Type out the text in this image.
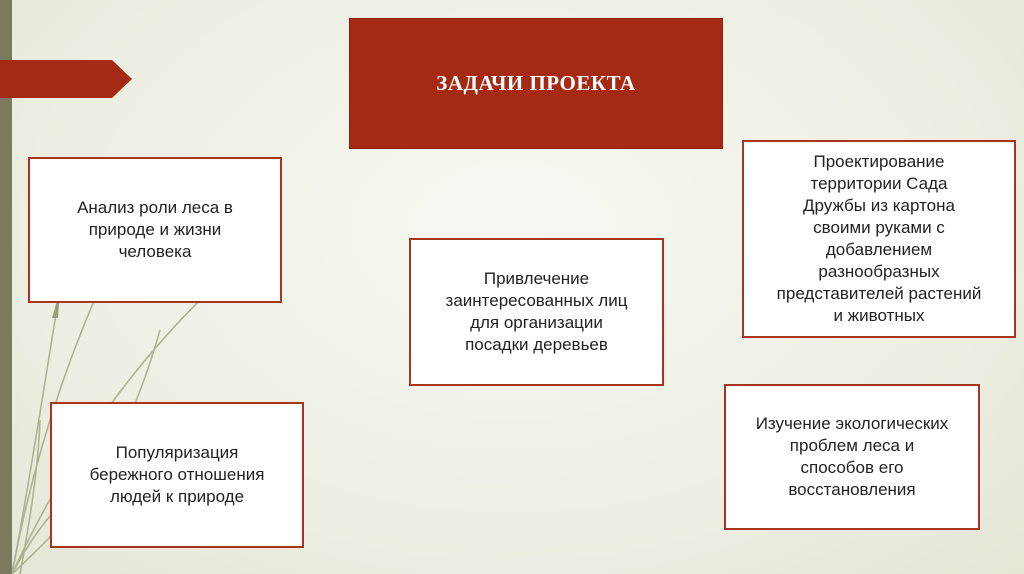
ЗАДАЧИ ПРОЕКТА
Анализ роли леса в
природе и жизни
человека
Привлечение
заинтересованных лиц
для организации
посадки деревьев
Проектирование
территории Сада
Дружбы из картона
своими руками с
добавлением
разнообразных
представителей растений
и животных
Популяризация
бережного отношения
людей к природе
Изучение экологических
проблем леса и
способов его
восстановления
